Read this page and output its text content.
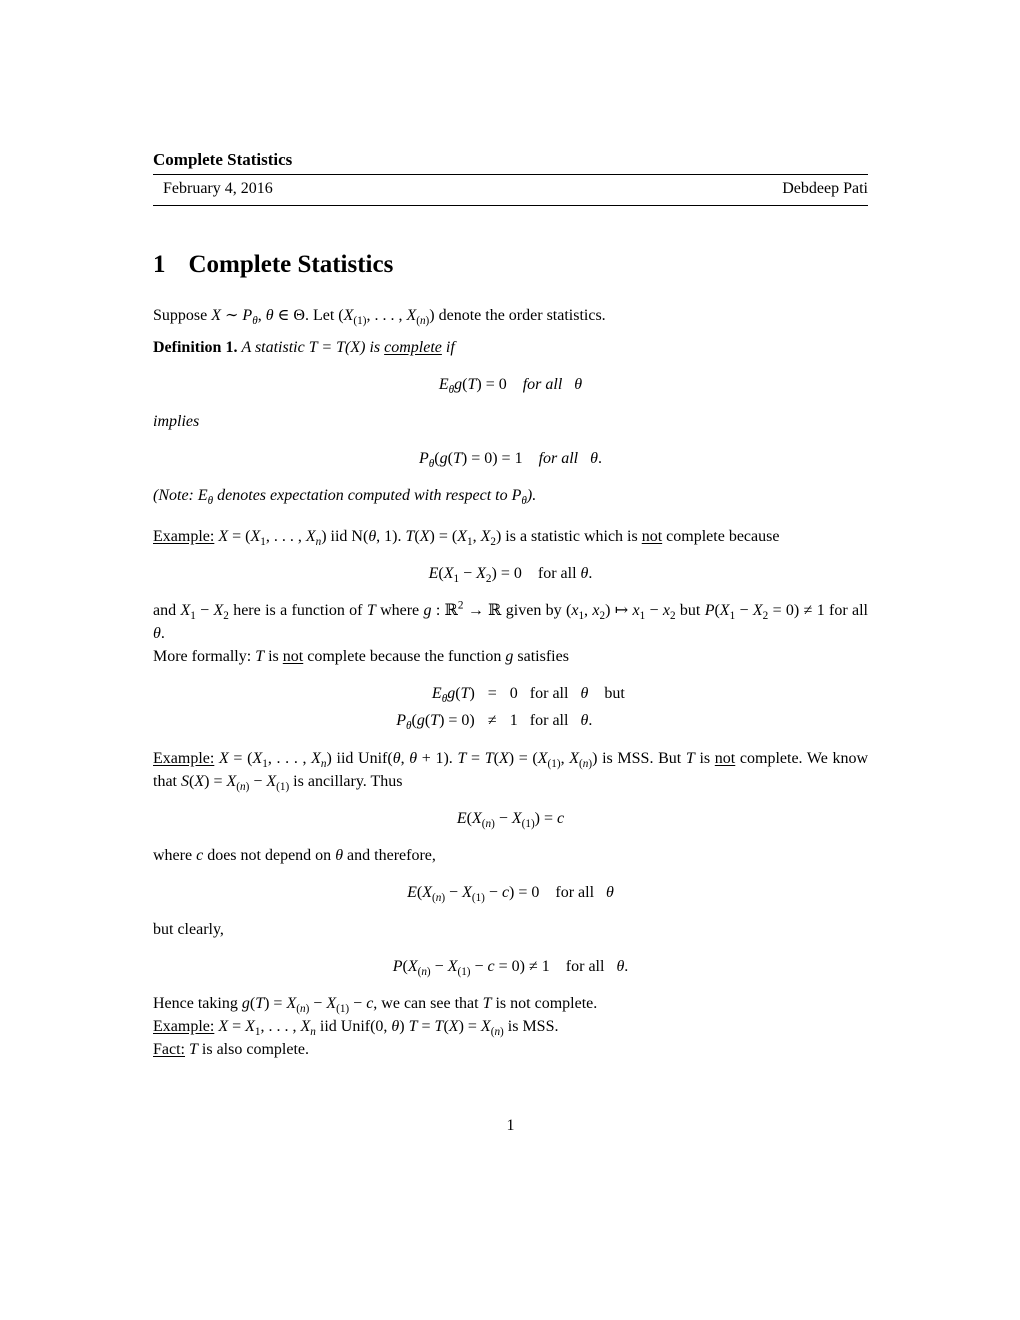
Complete Statistics
February 4, 2016	Debdeep Pati
1 Complete Statistics

Suppose X ∼ $P_\theta$, θ ∈ Θ. Let ($X_{(1)}$, . . . , $X_{(n)}$) denote the order statistics.

Definition 1. A statistic T = T(X) is complete if

$E_\theta g(T) = 0$    for all   θ

implies

$P_\theta(g(T) = 0) = 1$    for all   θ.

(Note: $E_\theta$ denotes expectation computed with respect to $P_\theta$).

Example: $X = (X_1$, . . . , $X_n$) iid N(θ, 1). $T(X) = (X_1$, $X_2$) is a statistic which is not complete because

$E(X_1 - X_2) = 0$    for all θ.

and $X_1 - X_2$ here is a function of T where g : ℝ$^2$ → ℝ given by ($x_1$, $x_2$) ↦ $x_1 - x_2$ but $P(X_1 - X_2 = 0) \ne 1$ for all θ.

More formally: T is not complete because the function g satisfies

$E_\theta g(T)$	=	0   for all   θ    but
$P_\theta(g(T) = 0)$	≠	1   for all   θ.

Example: $X = (X_1$, . . . , $X_n$) iid Unif(θ, θ + 1). $T = T(X) = (X_{(1)}$, $X_{(n)}$) is MSS. But T is not complete. We know that $S(X) = X_{(n)} - X_{(1)}$ is ancillary. Thus

$E(X_{(n)} - X_{(1)}) = c$

where c does not depend on θ and therefore,

$E(X_{(n)} - X_{(1)} - c) = 0$    for all   θ

but clearly,

$P(X_{(n)} - X_{(1)} - c = 0) \ne 1$    for all   θ.

Hence taking $g(T) = X_{(n)} - X_{(1)} - c$, we can see that T is not complete.

Example: $X = X_1$, . . . , $X_n$ iid Unif(0, θ) $T = T(X) = X_{(n)}$ is MSS.

Fact: T is also complete.

1
